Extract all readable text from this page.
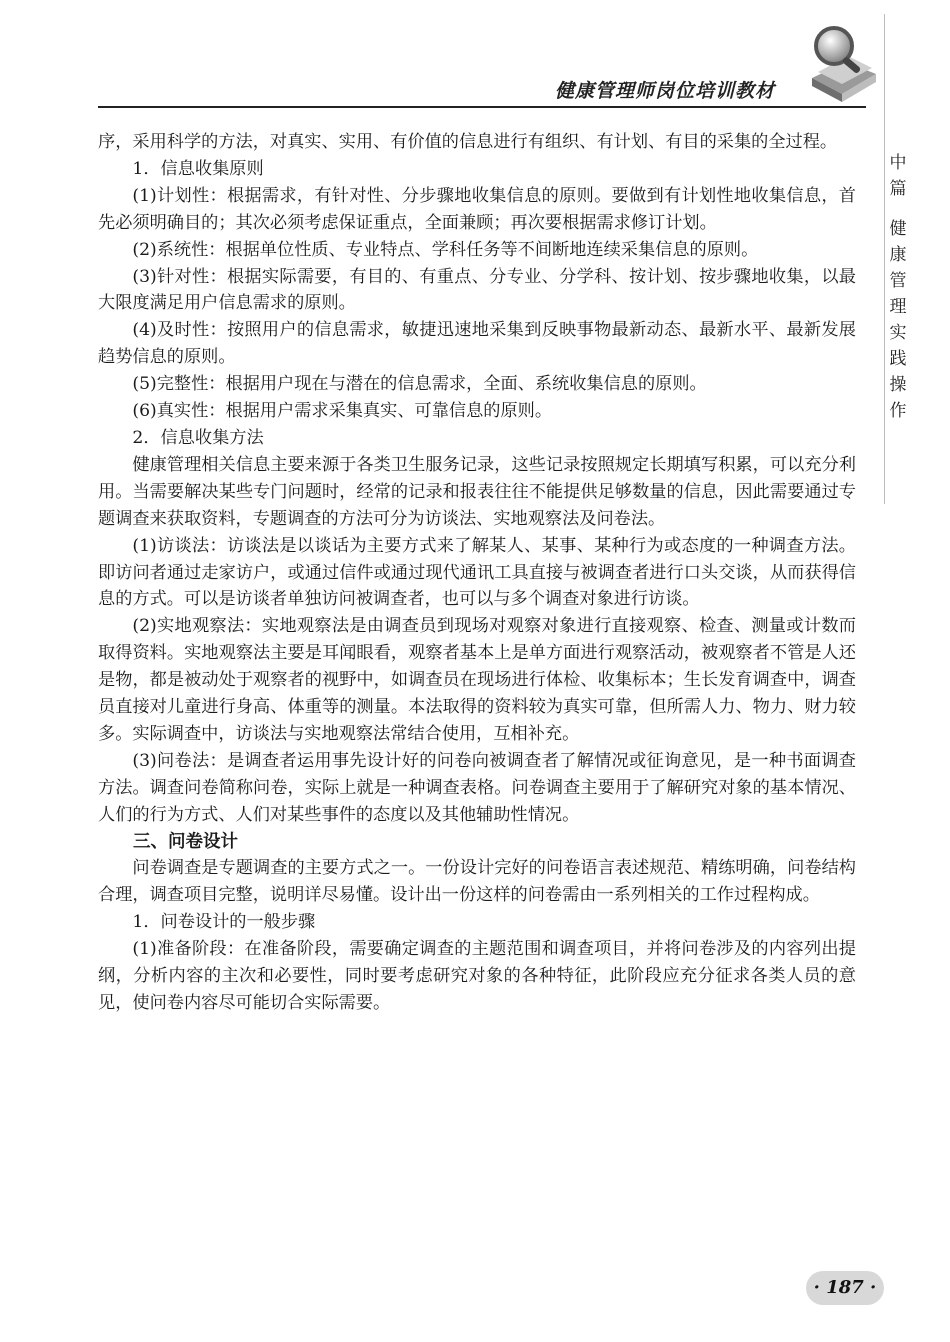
健康管理师岗位培训教材
中篇
健康管理实践操作

序，采用科学的方法，对真实、实用、有价值的信息进行有组织、有计划、有目的采集的全过程。

1．信息收集原则

(1)计划性：根据需求，有针对性、分步骤地收集信息的原则。要做到有计划性地收集信息，首先必须明确目的；其次必须考虑保证重点，全面兼顾；再次要根据需求修订计划。

(2)系统性：根据单位性质、专业特点、学科任务等不间断地连续采集信息的原则。

(3)针对性：根据实际需要，有目的、有重点、分专业、分学科、按计划、按步骤地收集，以最大限度满足用户信息需求的原则。

(4)及时性：按照用户的信息需求，敏捷迅速地采集到反映事物最新动态、最新水平、最新发展趋势信息的原则。

(5)完整性：根据用户现在与潜在的信息需求，全面、系统收集信息的原则。

(6)真实性：根据用户需求采集真实、可靠信息的原则。

2．信息收集方法

健康管理相关信息主要来源于各类卫生服务记录，这些记录按照规定长期填写积累，可以充分利用。当需要解决某些专门问题时，经常的记录和报表往往不能提供足够数量的信息，因此需要通过专题调查来获取资料，专题调查的方法可分为访谈法、实地观察法及问卷法。

(1)访谈法：访谈法是以谈话为主要方式来了解某人、某事、某种行为或态度的一种调查方法。即访问者通过走家访户，或通过信件或通过现代通讯工具直接与被调查者进行口头交谈，从而获得信息的方式。可以是访谈者单独访问被调查者，也可以与多个调查对象进行访谈。

(2)实地观察法：实地观察法是由调查员到现场对观察对象进行直接观察、检查、测量或计数而取得资料。实地观察法主要是耳闻眼看，观察者基本上是单方面进行观察活动，被观察者不管是人还是物，都是被动处于观察者的视野中，如调查员在现场进行体检、收集标本；生长发育调查中，调查员直接对儿童进行身高、体重等的测量。本法取得的资料较为真实可靠，但所需人力、物力、财力较多。实际调查中，访谈法与实地观察法常结合使用，互相补充。

(3)问卷法：是调查者运用事先设计好的问卷向被调查者了解情况或征询意见，是一种书面调查方法。调查问卷简称问卷，实际上就是一种调查表格。问卷调查主要用于了解研究对象的基本情况、人们的行为方式、人们对某些事件的态度以及其他辅助性情况。

三、问卷设计

问卷调查是专题调查的主要方式之一。一份设计完好的问卷语言表述规范、精练明确，问卷结构合理，调查项目完整，说明详尽易懂。设计出一份这样的问卷需由一系列相关的工作过程构成。

1．问卷设计的一般步骤

(1)准备阶段：在准备阶段，需要确定调查的主题范围和调查项目，并将问卷涉及的内容列出提纲，分析内容的主次和必要性，同时要考虑研究对象的各种特征，此阶段应充分征求各类人员的意见，使问卷内容尽可能切合实际需要。

· 187 ·
